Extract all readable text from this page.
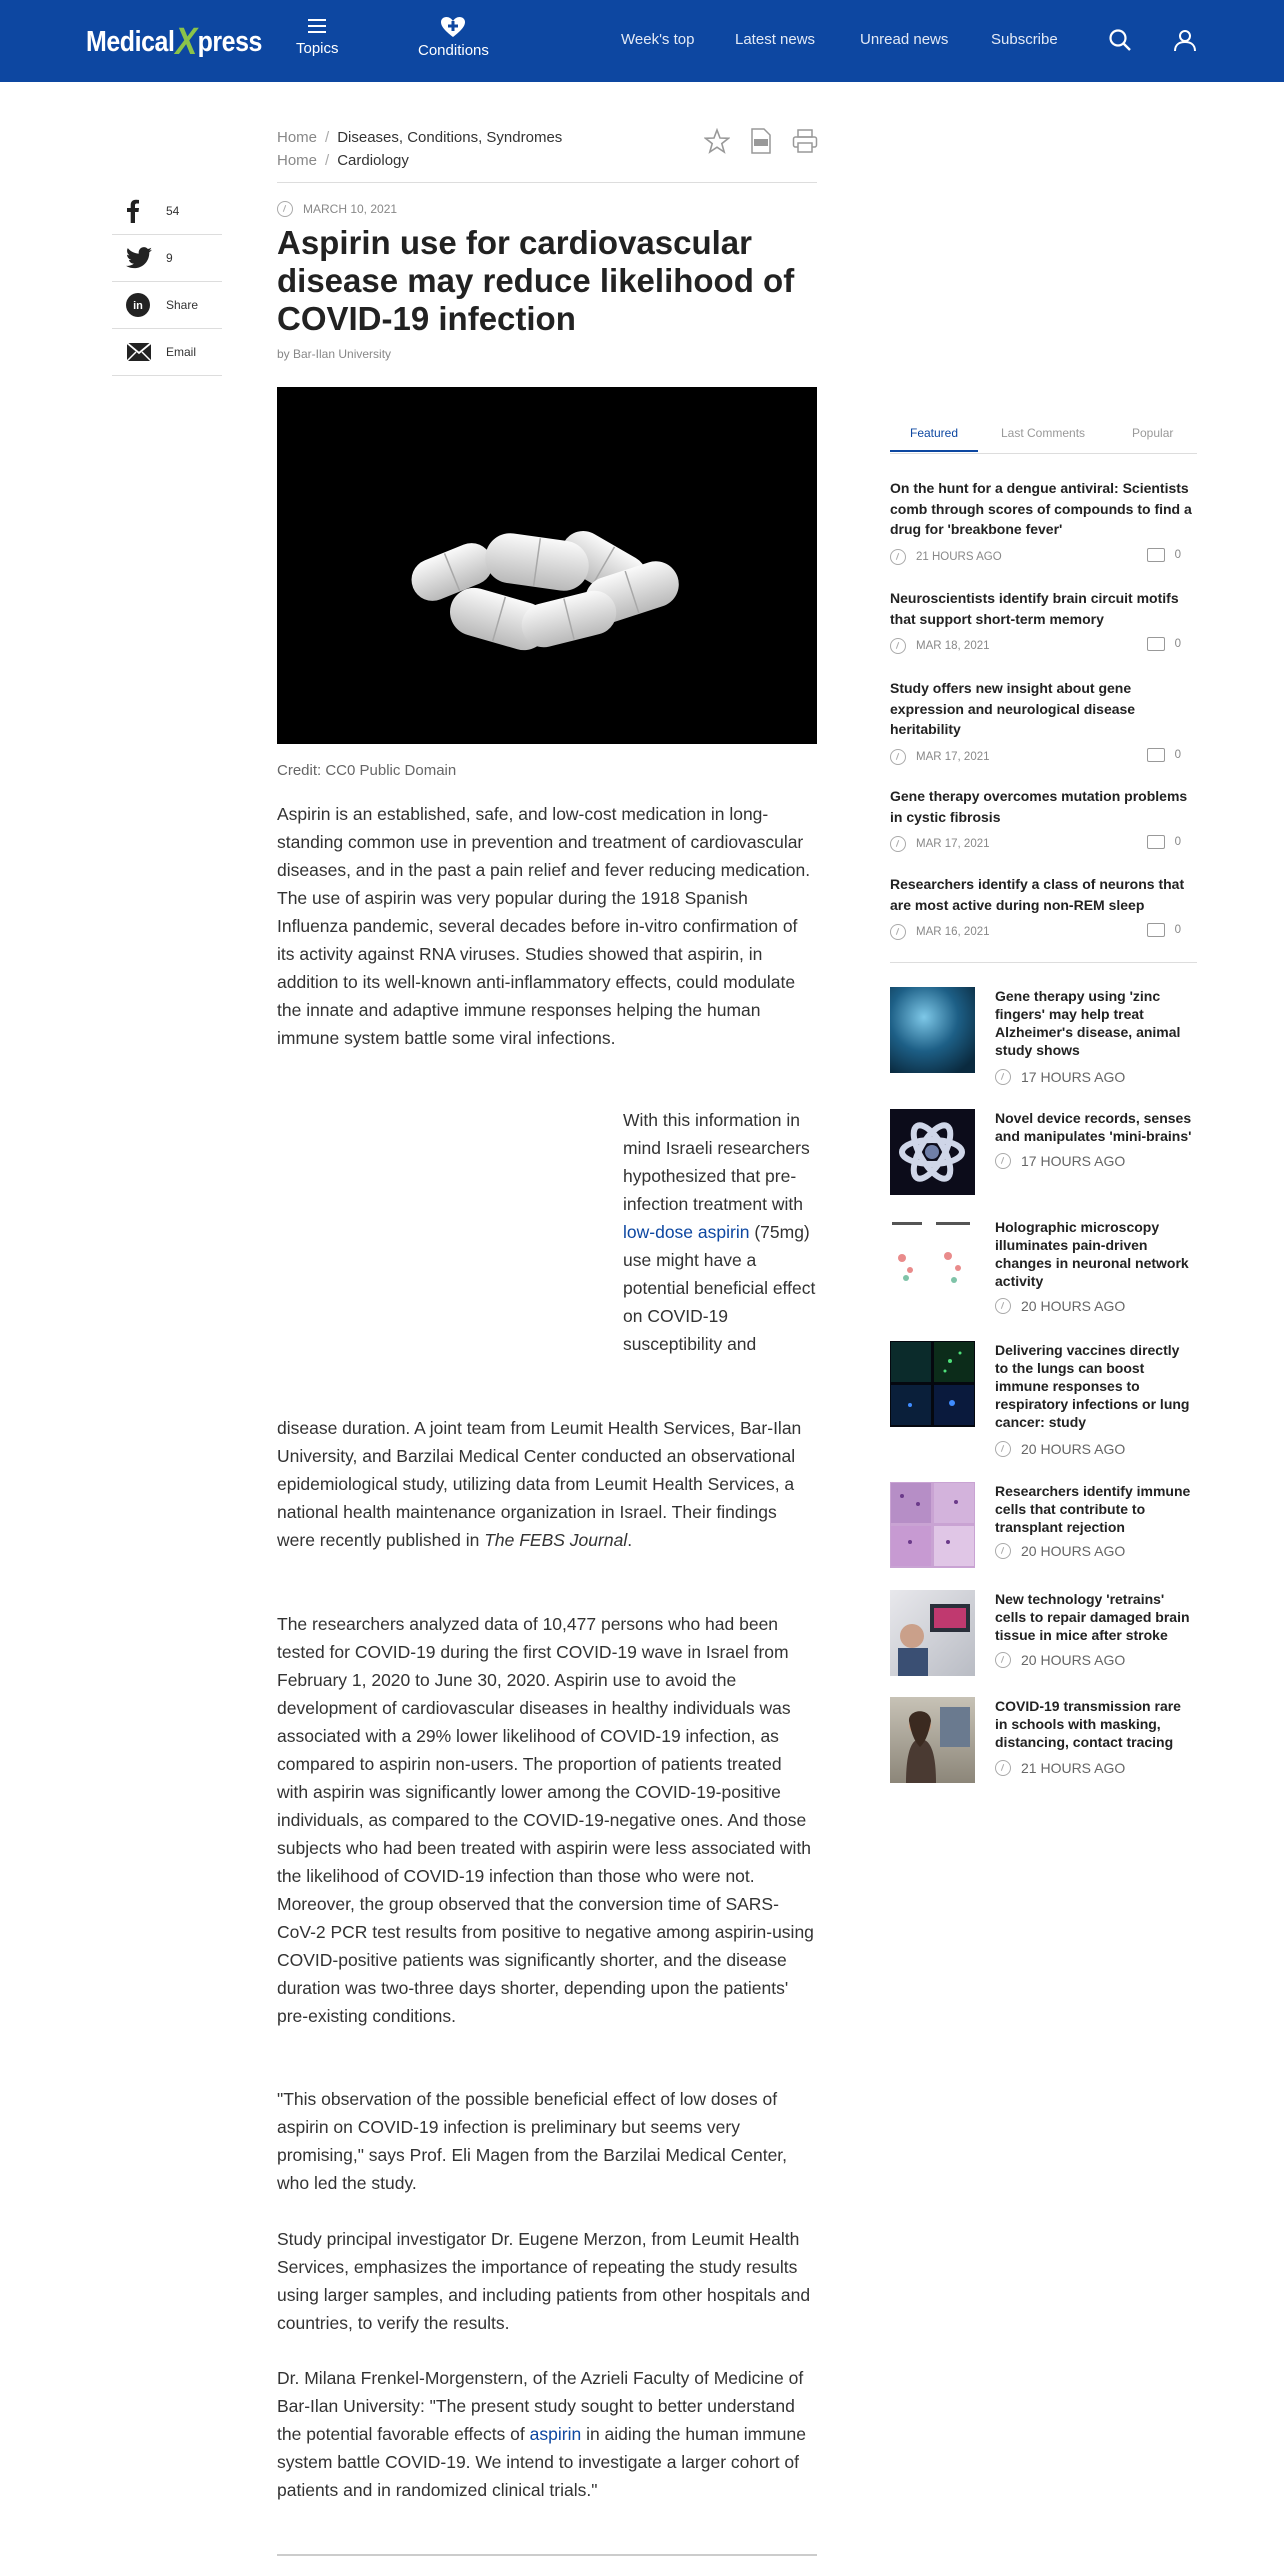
Medical X press Topics	Conditions
Week's top	Latest news	Unread news	Subscribe
Home / Diseases, Conditions, Syndromes
Home / Cardiology
54
9
in Share
Email
MARCH 10, 2021
Aspirin use for cardiovascular disease may reduce likelihood of COVID-19 infection
by Bar-Ilan University
Credit: CC0 Public Domain

Aspirin is an established, safe, and low-cost medication in long-standing common use in prevention and treatment of cardiovascular diseases, and in the past a pain relief and fever reducing medication. The use of aspirin was very popular during the 1918 Spanish Influenza pandemic, several decades before in-vitro confirmation of its activity against RNA viruses. Studies showed that aspirin, in addition to its well-known anti-inflammatory effects, could modulate the innate and adaptive immune responses helping the human immune system battle some viral infections.

With this information in mind Israeli researchers hypothesized that pre-infection treatment with low-dose aspirin (75mg) use might have a potential beneficial effect on COVID-19 susceptibility and

disease duration. A joint team from Leumit Health Services, Bar-Ilan University, and Barzilai Medical Center conducted an observational epidemiological study, utilizing data from Leumit Health Services, a national health maintenance organization in Israel. Their findings were recently published in The FEBS Journal.

The researchers analyzed data of 10,477 persons who had been tested for COVID-19 during the first COVID-19 wave in Israel from February 1, 2020 to June 30, 2020. Aspirin use to avoid the development of cardiovascular diseases in healthy individuals was associated with a 29% lower likelihood of COVID-19 infection, as compared to aspirin non-users. The proportion of patients treated with aspirin was significantly lower among the COVID-19-positive individuals, as compared to the COVID-19-negative ones. And those subjects who had been treated with aspirin were less associated with the likelihood of COVID-19 infection than those who were not. Moreover, the group observed that the conversion time of SARS-CoV-2 PCR test results from positive to negative among aspirin-using COVID-positive patients was significantly shorter, and the disease duration was two-three days shorter, depending upon the patients' pre-existing conditions.

"This observation of the possible beneficial effect of low doses of aspirin on COVID-19 infection is preliminary but seems very promising," says Prof. Eli Magen from the Barzilai Medical Center, who led the study.

Study principal investigator Dr. Eugene Merzon, from Leumit Health Services, emphasizes the importance of repeating the study results using larger samples, and including patients from other hospitals and countries, to verify the results.

Dr. Milana Frenkel-Morgenstern, of the Azrieli Faculty of Medicine of Bar-Ilan University: "The present study sought to better understand the potential favorable effects of aspirin in aiding the human immune system battle COVID-19. We intend to investigate a larger cohort of patients and in randomized clinical trials."

Featured	Last Comments	Popular
On the hunt for a dengue antiviral: Scientists comb through scores of compounds to find a drug for 'breakbone fever'
21 HOURS AGO	0
Neuroscientists identify brain circuit motifs that support short-term memory
MAR 18, 2021	0
Study offers new insight about gene expression and neurological disease heritability
MAR 17, 2021	0
Gene therapy overcomes mutation problems in cystic fibrosis
MAR 17, 2021	0
Researchers identify a class of neurons that are most active during non-REM sleep
MAR 16, 2021	0
Gene therapy using 'zinc fingers' may help treat Alzheimer's disease, animal study shows
17 HOURS AGO
Novel device records, senses and manipulates 'mini-brains'
17 HOURS AGO
Holographic microscopy illuminates pain-driven changes in neuronal network activity
20 HOURS AGO
Delivering vaccines directly to the lungs can boost immune responses to respiratory infections or lung cancer: study
20 HOURS AGO
Researchers identify immune cells that contribute to transplant rejection
20 HOURS AGO
New technology 'retrains' cells to repair damaged brain tissue in mice after stroke
20 HOURS AGO
COVID-19 transmission rare in schools with masking, distancing, contact tracing
21 HOURS AGO
